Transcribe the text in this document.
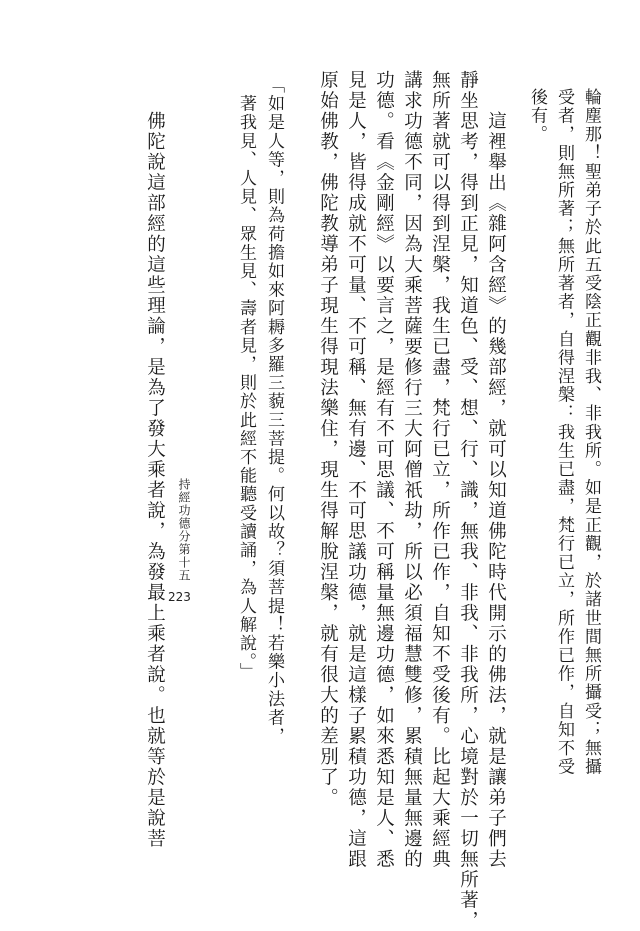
輪塵那！聖弟子於此五受陰正觀非我、非我所。如是正觀，於諸世間無所攝受；無攝
受者，則無所著；無所著者，自得涅槃：我生已盡，梵行已立，所作已作，自知不受
後有。
　　這裡舉出《雜阿含經》的幾部經，就可以知道佛陀時代開示的佛法，就是讓弟子們去
靜坐思考，得到正見，知道色、受、想、行、識，無我、非我、非我所，心境對於一切無所著，
無所著就可以得到涅槃，我生已盡，梵行已立，所作已作，自知不受後有。比起大乘經典
講求功德不同，因為大乘菩薩要修行三大阿僧祇劫，所以必須福慧雙修，累積無量無邊的
功德。看《金剛經》以要言之，是經有不可思議、不可稱量無邊功德，如來悉知是人、悉
見是人，皆得成就不可量、不可稱、無有邊、不可思議功德，就是這樣子累積功德，這跟
原始佛教，佛陀教導弟子現生得現法樂住，現生得解脫涅槃，就有很大的差別了。
「如是人等，則為荷擔如來阿耨多羅三藐三菩提。何以故？須菩提！若樂小法者，
　著我見、人見、眾生見、壽者見，則於此經不能聽受讀誦，為人解說。」
　　佛陀說這部經的這些理論，是為了發大乘者說，為發最上乘者說。也就等於是說菩 持經功德分第十五
223
